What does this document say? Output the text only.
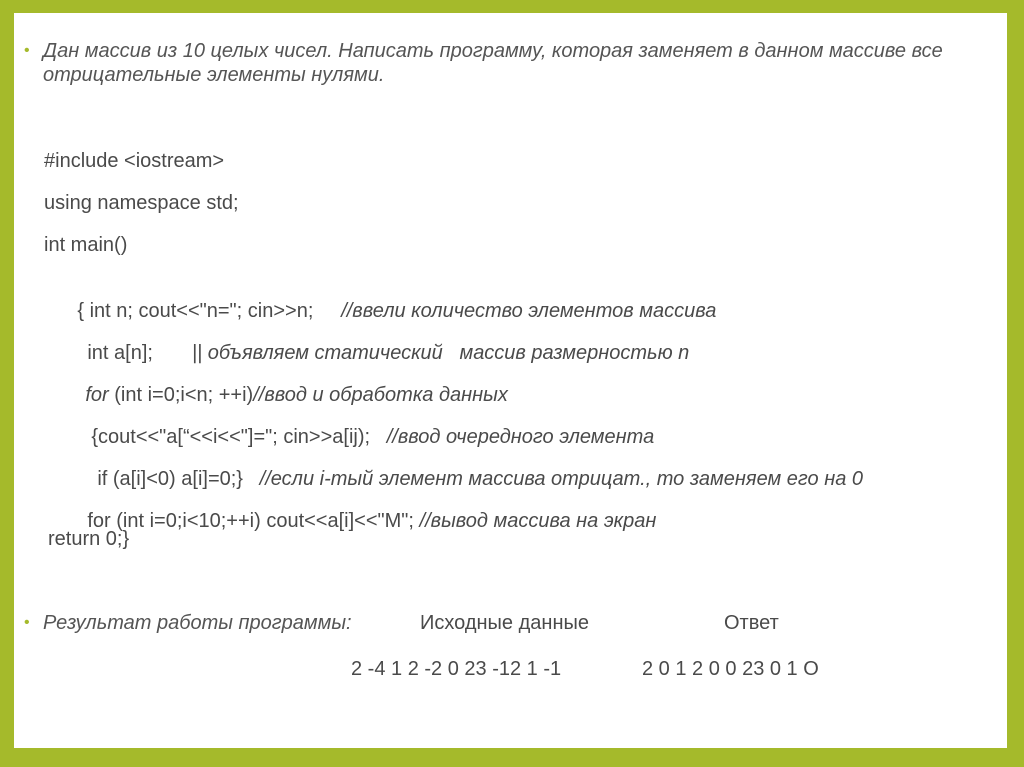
• Дан массив из 10 целых чисел. Написать программу, которая заменяет в данном массиве все отрицательные элементы нулями.
#include <iostream>
using namespace std;
int main()

{ int n; cout<<"n="; cin>>n; //ввели количество элементов массива

int a[n]; || объявляем статический   массив размерностью n

for (int i=0;i<n; ++i)//ввод и обработка данных

{cout<<"a[“<<i<<"]="; cin>>a[ij); //ввод очередного элемента

if (a[i]<0) a[i]=0;} //если i-тый элемент массива отрицат., то заменяем его на 0

for (int i=0;i<10;++i) cout<<a[i]<<"M"; //вывод массива на экран

return 0;}
• Результат работы программы:	Исходные данные	Ответ
2 -4 1 2 -2 0 23 -12 1 -1	2 0 1 2 0 0 23 0 1 O
